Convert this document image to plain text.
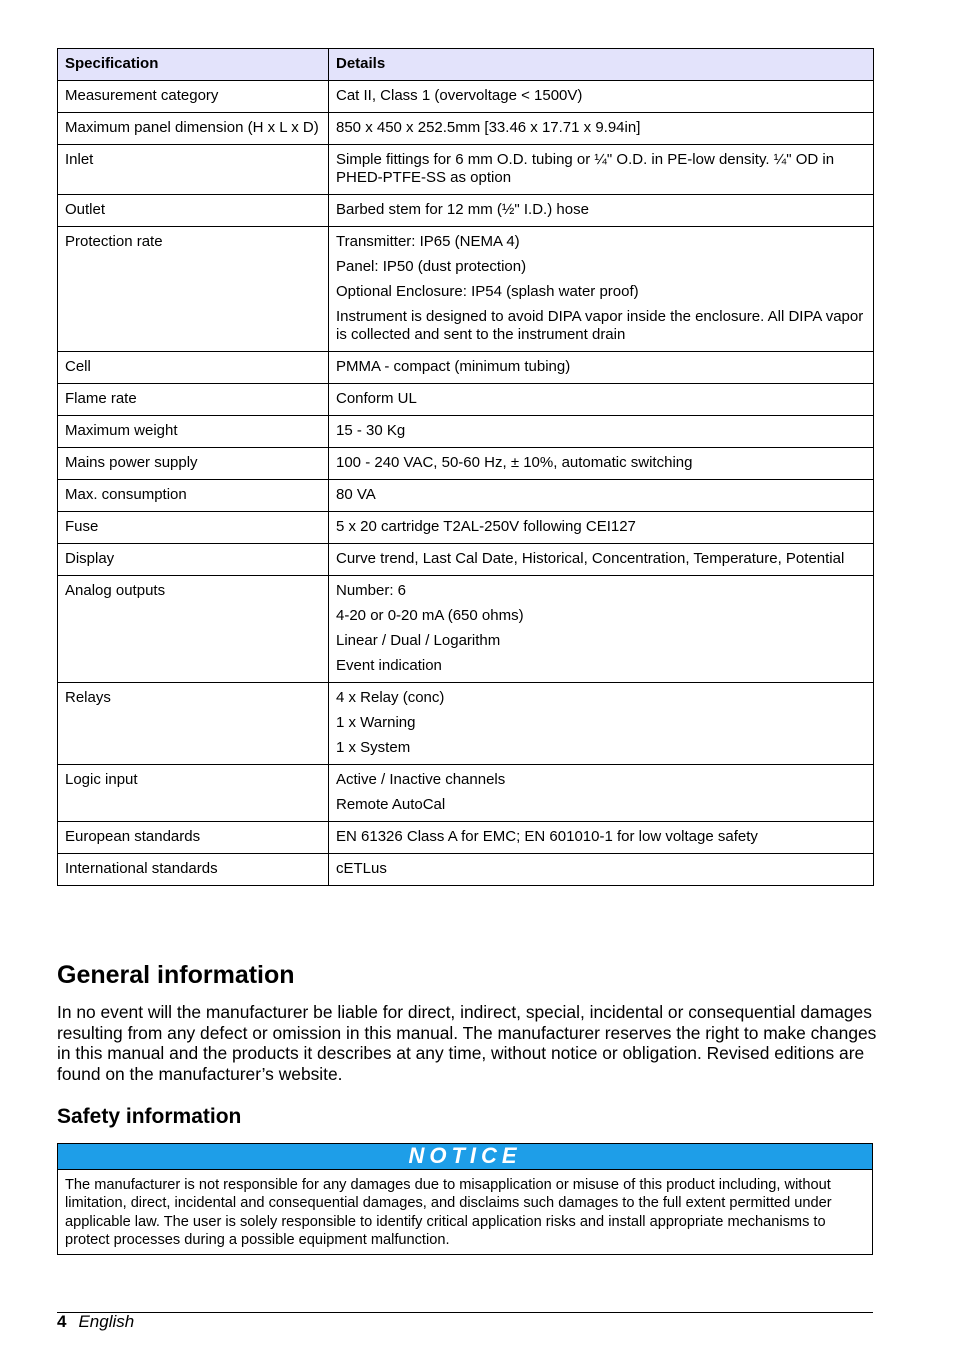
Specification	Details
Measurement category	Cat II, Class 1 (overvoltage < 1500V)

Maximum panel dimension (H x L x D)	850 x 450 x 252.5mm [33.46 x 17.71 x 9.94in]

Inlet	Simple fittings for 6 mm O.D. tubing or ¼" O.D. in PE-low density. ¼" OD in PHED-PTFE-SS as option

Outlet	Barbed stem for 12 mm (½" I.D.) hose

Protection rate	Transmitter: IP65 (NEMA 4)
Panel: IP50 (dust protection)
Optional Enclosure: IP54 (splash water proof)
Instrument is designed to avoid DIPA vapor inside the enclosure. All DIPA vapor is collected and sent to the instrument drain

Cell	PMMA - compact (minimum tubing)

Flame rate	Conform UL

Maximum weight	15 - 30 Kg

Mains power supply	100 - 240 VAC, 50-60 Hz, ± 10%, automatic switching

Max. consumption	80 VA

Fuse	5 x 20 cartridge T2AL-250V following CEI127

Display	Curve trend, Last Cal Date, Historical, Concentration, Temperature, Potential

Analog outputs	Number: 6
4-20 or 0-20 mA (650 ohms)
Linear / Dual / Logarithm
Event indication

Relays	4 x Relay (conc)
1 x Warning
1 x System

Logic input	Active / Inactive channels
Remote AutoCal

European standards	EN 61326 Class A for EMC; EN 601010-1 for low voltage safety

International standards	cETLus
General information

In no event will the manufacturer be liable for direct, indirect, special, incidental or consequential damages resulting from any defect or omission in this manual. The manufacturer reserves the right to make changes in this manual and the products it describes at any time, without notice or obligation. Revised editions are found on the manufacturer’s website.

Safety information
NOTICE
The manufacturer is not responsible for any damages due to misapplication or misuse of this product including, without limitation, direct, incidental and consequential damages, and disclaims such damages to the full extent permitted under applicable law. The user is solely responsible to identify critical application risks and install appropriate mechanisms to protect processes during a possible equipment malfunction.
4 English
